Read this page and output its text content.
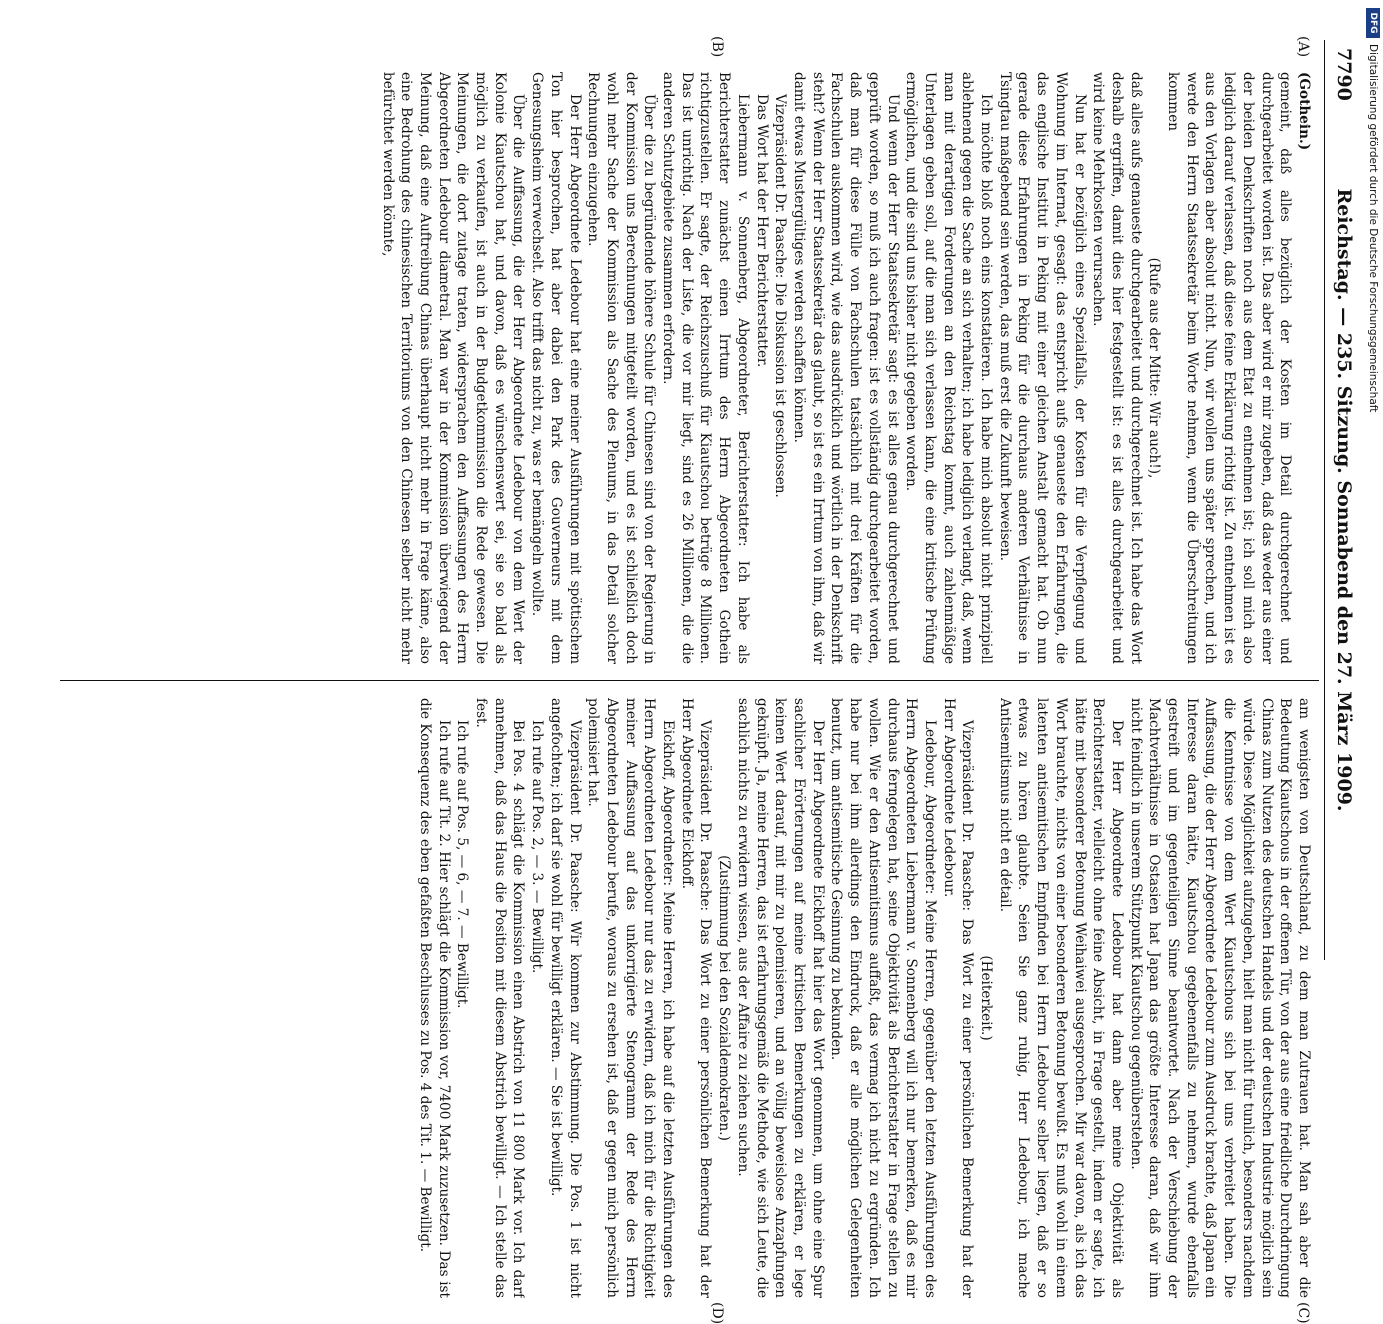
7790
Reichstag. — 235. Sitzung. Sonnabend den 27. März 1909.
(A)
(B)
(C)
(D)

(Gothein.)

gemeint, daß alles bezüglich der Kosten im Detail durchgerechnet und durchgearbeitet worden ist. Das aber wird er mir zugeben, daß das weder aus einer der beiden Denkschriften noch aus dem Etat zu entnehmen ist; ich soll mich also lediglich darauf verlassen, daß diese feine Erklärung richtig ist. Zu entnehmen ist es aus den Vorlagen aber absolut nicht. Nun, wir wollen uns später sprechen, und ich werde den Herrn Staatssekretär beim Worte nehmen, wenn die Überschreitungen kommen

(Rufe aus der Mitte: Wir auch!),

daß alles aufs genaueste durchgearbeitet und durchgerechnet ist. Ich habe das Wort deshalb ergriffen, damit dies hier festgestellt ist: es ist alles durchgearbeitet und wird keine Mehrkosten verursachen.

Nun hat er bezüglich eines Spezialfalls, der Kosten für die Verpflegung und Wohnung im Internat, gesagt: das entspricht aufs genaueste den Erfahrungen, die das englische Institut in Peking mit einer gleichen Anstalt gemacht hat. Ob nun gerade diese Erfahrungen in Peking für die durchaus anderen Verhältnisse in Tsingtau maßgebend sein werden, das muß erst die Zukunft beweisen.

Ich möchte bloß noch eins konstatieren. Ich habe mich absolut nicht prinzipiell ablehnend gegen die Sache an sich verhalten; ich habe lediglich verlangt, daß, wenn man mit derartigen Forderungen an den Reichstag kommt, auch zahlenmäßige Unterlagen geben soll, auf die man sich verlassen kann, die eine kritische Prüfung ermöglichen, und die sind uns bisher nicht gegeben worden.

Und wenn der Herr Staatssekretär sagt: es ist alles genau durchgerechnet und geprüft worden, so muß ich auch fragen: ist es vollständig durchgearbeitet worden, daß man für diese Fülle von Fachschulen tatsächlich mit drei Kräften für die Fachschulen auskommen wird, wie das ausdrücklich und wörtlich in der Denkschrift steht? Wenn der Herr Staatssekretär das glaubt, so ist es ein Irrtum von ihm, daß wir damit etwas Mustergültiges werden schaffen können.

Vizepräsident Dr. Paasche: Die Diskussion ist geschlossen.

Das Wort hat der Herr Berichterstatter.

Liebermann v. Sonnenberg, Abgeordneter, Berichterstatter: Ich habe als Berichterstatter zunächst einen Irrtum des Herrn Abgeordneten Gothein richtigzustellen. Er sagte, der Reichszuschuß für Kiautschou betrüge 8 Millionen. Das ist unrichtig. Nach der Liste, die vor mir liegt, sind es 26 Millionen, die die anderen Schutzgebiete zusammen erfordern.

Über die zu begründende höhere Schule für Chinesen sind von der Regierung in der Kommission uns Berechnungen mitgeteilt worden, und es ist schließlich doch wohl mehr Sache der Kommission als Sache des Plenums, in das Detail solcher Rechnungen einzugehen.

Der Herr Abgeordnete Ledebour hat eine meiner Ausführungen mit spöttischem Ton hier besprochen, hat aber dabei den Park des Gouverneurs mit dem Genesungsheim verwechselt. Also trifft das nicht zu, was er bemängeln wollte.

Über die Auffassung, die der Herr Abgeordnete Ledebour von dem Wert der Kolonie Kiautschou hat, und davon, daß es wünschenswert sei, sie so bald als möglich zu verkaufen, ist auch in der Budgetkommission die Rede gewesen. Die Meinungen, die dort zutage traten, widersprachen den Auffassungen des Herrn Abgeordneten Ledebour diametral. Man war in der Kommission überwiegend der Meinung, daß eine Auftreibung Chinas überhaupt nicht mehr in Frage käme, also eine Bedrohung des chinesischen Territoriums von den Chinesen selber nicht mehr befürchtet werden könnte,

am wenigsten von Deutschland, zu dem man Zutrauen hat. Man sah aber die Bedeutung Kiautschous in der offenen Tür, von der aus eine friedliche Durchdringung Chinas zum Nutzen des deutschen Handels und der deutschen Industrie möglich sein würde. Diese Möglichkeit aufzugeben, hielt man nicht für tunlich, besonders nachdem die Kenntnisse von dem Wert Kiautschous sich bei uns verbreitet haben. Die Auffassung, die der Herr Abgeordnete Ledebour zum Ausdruck brachte, daß Japan ein Interesse daran hätte, Kiautschou gegebenenfalls zu nehmen, wurde ebenfalls gestreift und im gegenteiligen Sinne beantwortet. Nach der Verschiebung der Machtverhältnisse in Ostasien hat Japan das größte Interesse daran, daß wir ihm nicht feindlich in unserem Stützpunkt Kiautschou gegenüberstehen.

Der Herr Abgeordnete Ledebour hat dann aber meine Objektivität als Berichterstatter, vielleicht ohne feine Absicht, in Frage gestellt, indem er sagte, ich hätte mit besonderer Betonung Weihaiwei ausgesprochen. Mir war davon, als ich das Wort brauchte, nichts von einer besonderen Betonung bewußt. Es muß wohl in einem latenten antisemitischen Empfinden bei Herrn Ledebour selber liegen, daß er so etwas zu hören glaubte. Seien Sie ganz ruhig, Herr Ledebour, ich mache Antisemitismus nicht en détail.

(Heiterkeit.)

Vizepräsident Dr. Paasche: Das Wort zu einer persönlichen Bemerkung hat der Herr Abgeordnete Ledebour.

Ledebour, Abgeordneter: Meine Herren, gegenüber den letzten Ausführungen des Herrn Abgeordneten Liebermann v. Sonnenberg will ich nur bemerken, daß es mir durchaus ferngelegen hat, seine Objektivität als Berichterstatter in Frage stellen zu wollen. Wie er den Antisemitismus auffaßt, das vermag ich nicht zu ergründen. Ich habe nur bei ihm allerdings den Eindruck, daß er alle möglichen Gelegenheiten benutzt, um antisemitische Gesinnung zu bekunden.

Der Herr Abgeordnete Eickhoff hat hier das Wort genommen, um ohne eine Spur sachlicher Erörterungen auf meine kritischen Bemerkungen zu erklären, er lege keinen Wert darauf, mit mir zu polemisieren, und an völlig beweislose Anzapfungen geknüpft. Ja, meine Herren, das ist erfahrungsgemäß die Methode, wie sich Leute, die sachlich nichts zu erwidern wissen, aus der Affaire zu ziehen suchen.

(Zustimmung bei den Sozialdemokraten.)

Vizepräsident Dr. Paasche: Das Wort zu einer persönlichen Bemerkung hat der Herr Abgeordnete Eickhoff.

Eickhoff, Abgeordneter: Meine Herren, ich habe auf die letzten Ausführungen des Herrn Abgeordneten Ledebour nur das zu erwidern, daß ich mich für die Richtigkeit meiner Auffassung auf das unkorrigierte Stenogramm der Rede des Herrn Abgeordneten Ledebour berufe, woraus zu ersehen ist, daß er gegen mich persönlich polemisiert hat.

Vizepräsident Dr. Paasche: Wir kommen zur Abstimmung. Die Pos. 1 ist nicht angefochten; ich darf sie wohl für bewilligt erklären. — Sie ist bewilligt.

Ich rufe auf Pos. 2, — 3. — Bewilligt.

Bei Pos. 4 schlägt die Kommission einen Abstrich von 11 800 Mark vor. Ich darf annehmen, daß das Haus die Position mit diesem Abstrich bewilligt. — Ich stelle das fest.

Ich rufe auf Pos. 5, — 6, — 7. — Bewilligt.

Ich rufe auf Tit. 2. Hier schlägt die Kommission vor, 7400 Mark zuzusetzen. Das ist die Konsequenz des eben gefaßten Beschlusses zu Pos. 4 des Tit. 1. — Bewilligt.

DFG
Digitalisierung gefördert durch die Deutsche Forschungsgemeinschaft
